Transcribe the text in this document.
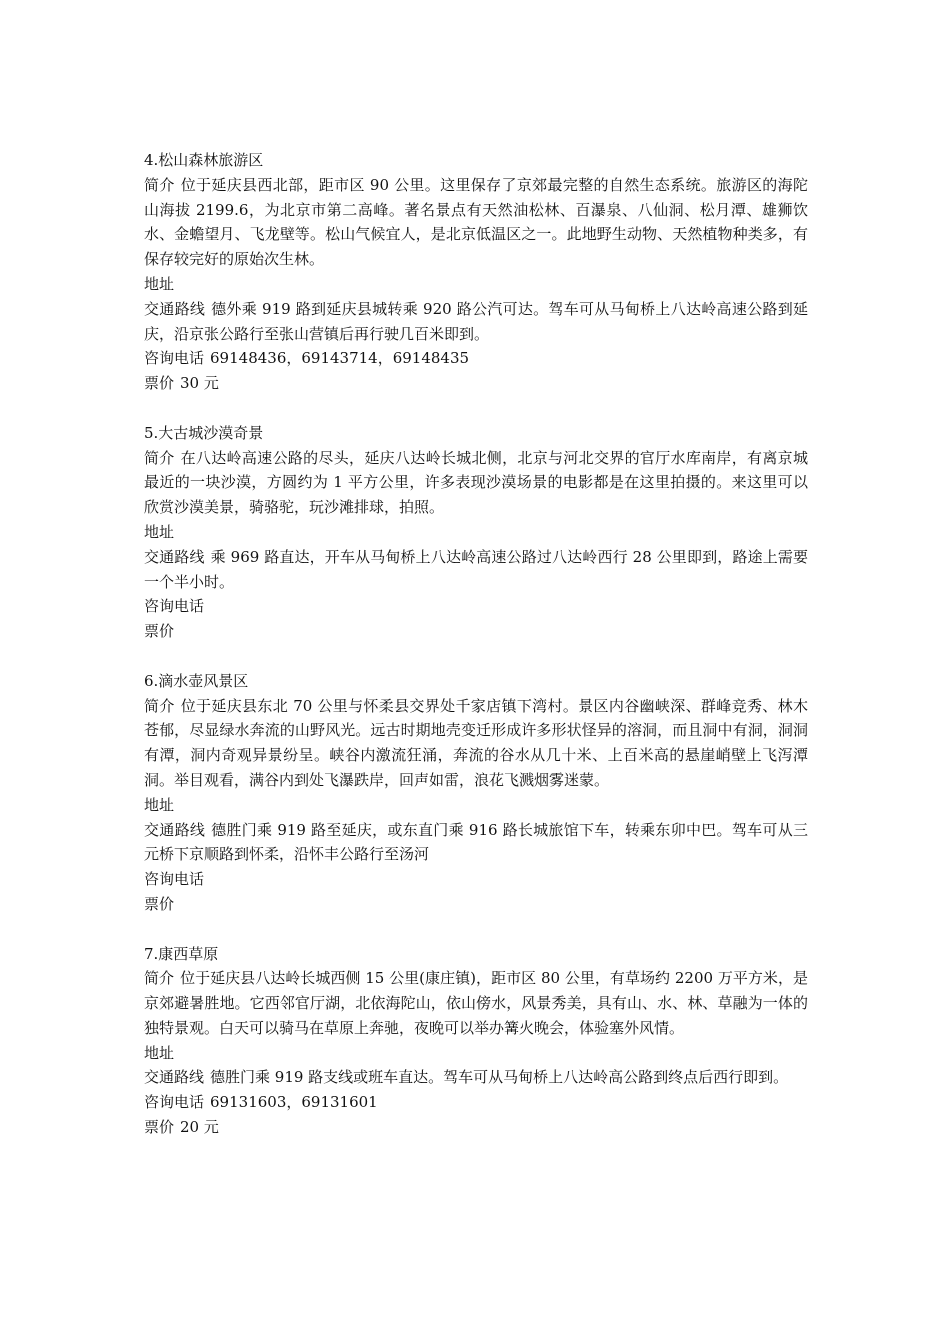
4.松山森林旅游区

简介 位于延庆县西北部，距市区 90 公里。这里保存了京郊最完整的自然生态系统。旅游区的海陀山海拔 2199.6，为北京市第二高峰。著名景点有天然油松林、百瀑泉、八仙洞、松月潭、雄狮饮水、金蟾望月、飞龙壁等。松山气候宜人，是北京低温区之一。此地野生动物、天然植物种类多，有保存较完好的原始次生林。

地址

交通路线 德外乘 919 路到延庆县城转乘 920 路公汽可达。驾车可从马甸桥上八达岭高速公路到延庆，沿京张公路行至张山营镇后再行驶几百米即到。

咨询电话 69148436，69143714，69148435

票价 30 元

5.大古城沙漠奇景

简介 在八达岭高速公路的尽头，延庆八达岭长城北侧，北京与河北交界的官厅水库南岸，有离京城最近的一块沙漠，方圆约为 1 平方公里，许多表现沙漠场景的电影都是在这里拍摄的。来这里可以欣赏沙漠美景，骑骆驼，玩沙滩排球，拍照。

地址

交通路线 乘 969 路直达，开车从马甸桥上八达岭高速公路过八达岭西行 28 公里即到，路途上需要一个半小时。

咨询电话

票价

6.滴水壶风景区

简介 位于延庆县东北 70 公里与怀柔县交界处千家店镇下湾村。景区内谷幽峡深、群峰竞秀、林木苍郁，尽显绿水奔流的山野风光。远古时期地壳变迁形成许多形状怪异的溶洞，而且洞中有洞，洞洞有潭，洞内奇观异景纷呈。峡谷内激流狂涌，奔流的谷水从几十米、上百米高的悬崖峭壁上飞泻潭洞。举目观看，满谷内到处飞瀑跌岸，回声如雷，浪花飞溅烟雾迷蒙。

地址

交通路线 德胜门乘 919 路至延庆，或东直门乘 916 路长城旅馆下车，转乘东卯中巴。驾车可从三元桥下京顺路到怀柔，沿怀丰公路行至汤河

咨询电话

票价

7.康西草原

简介 位于延庆县八达岭长城西侧 15 公里(康庄镇)，距市区 80 公里，有草场约 2200 万平方米，是京郊避暑胜地。它西邻官厅湖，北依海陀山，依山傍水，风景秀美，具有山、水、林、草融为一体的独特景观。白天可以骑马在草原上奔驰，夜晚可以举办篝火晚会，体验塞外风情。

地址

交通路线 德胜门乘 919 路支线或班车直达。驾车可从马甸桥上八达岭高公路到终点后西行即到。

咨询电话 69131603，69131601

票价 20 元
